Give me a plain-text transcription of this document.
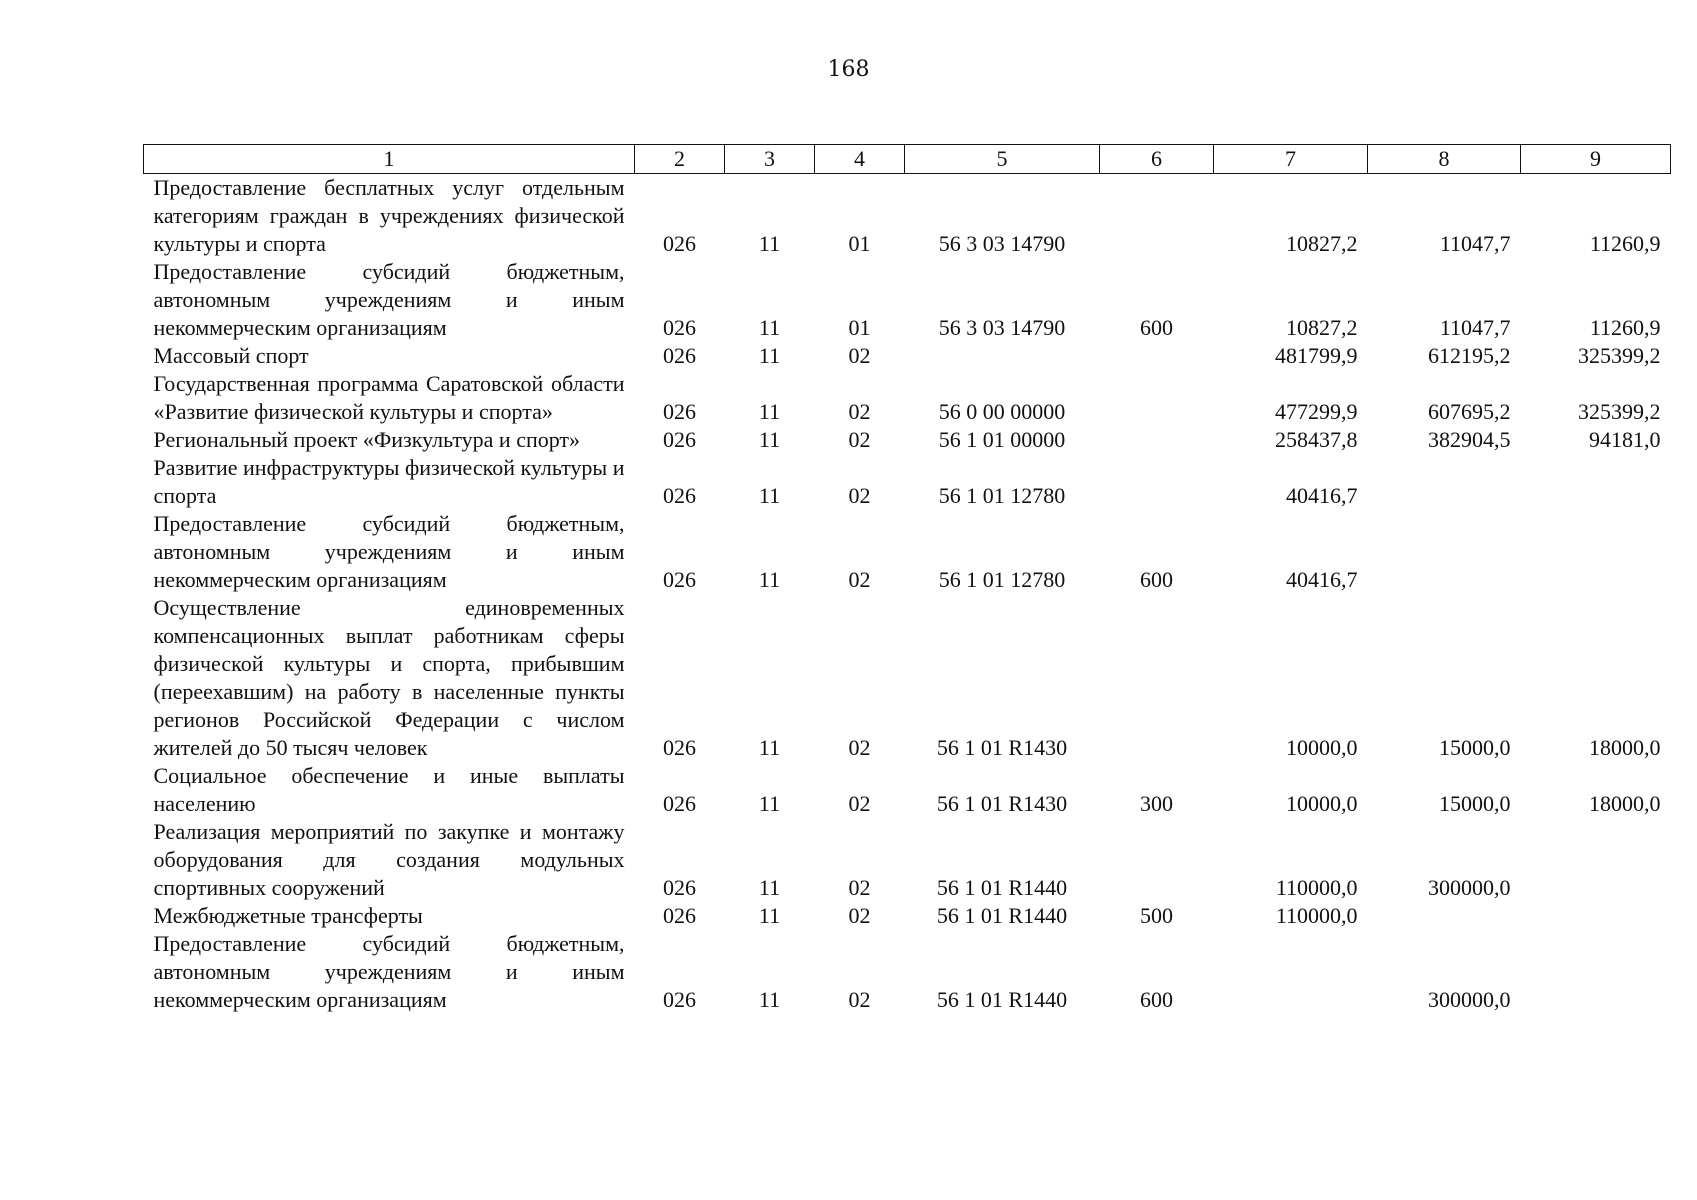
168
1	2	3	4	5	6	7	8	9
Предоставление бесплатных услуг отдельным категориям граждан в учреждениях физической культуры и спорта	026	11	01	56 3 03 14790		10827,2	11047,7	11260,9
Предоставление субсидий бюджетным, автономным учреждениям и иным некоммерческим организациям	026	11	01	56 3 03 14790	600	10827,2	11047,7	11260,9
Массовый спорт	026	11	02			481799,9	612195,2	325399,2
Государственная программа Саратовской области «Развитие физической культуры и спорта»	026	11	02	56 0 00 00000		477299,9	607695,2	325399,2
Региональный проект «Физкультура и спорт»	026	11	02	56 1 01 00000		258437,8	382904,5	94181,0
Развитие инфраструктуры физической культуры и спорта	026	11	02	56 1 01 12780		40416,7		
Предоставление субсидий бюджетным, автономным учреждениям и иным некоммерческим организациям	026	11	02	56 1 01 12780	600	40416,7		
Осуществление единовременных компенсационных выплат работникам сферы физической культуры и спорта, прибывшим (переехавшим) на работу в населенные пункты регионов Российской Федерации с числом жителей до 50 тысяч человек	026	11	02	56 1 01 R1430		10000,0	15000,0	18000,0
Социальное обеспечение и иные выплаты населению	026	11	02	56 1 01 R1430	300	10000,0	15000,0	18000,0
Реализация мероприятий по закупке и монтажу оборудования для создания модульных спортивных сооружений	026	11	02	56 1 01 R1440		110000,0	300000,0	
Межбюджетные трансферты	026	11	02	56 1 01 R1440	500	110000,0		
Предоставление субсидий бюджетным, автономным учреждениям и иным некоммерческим организациям	026	11	02	56 1 01 R1440	600		300000,0	
